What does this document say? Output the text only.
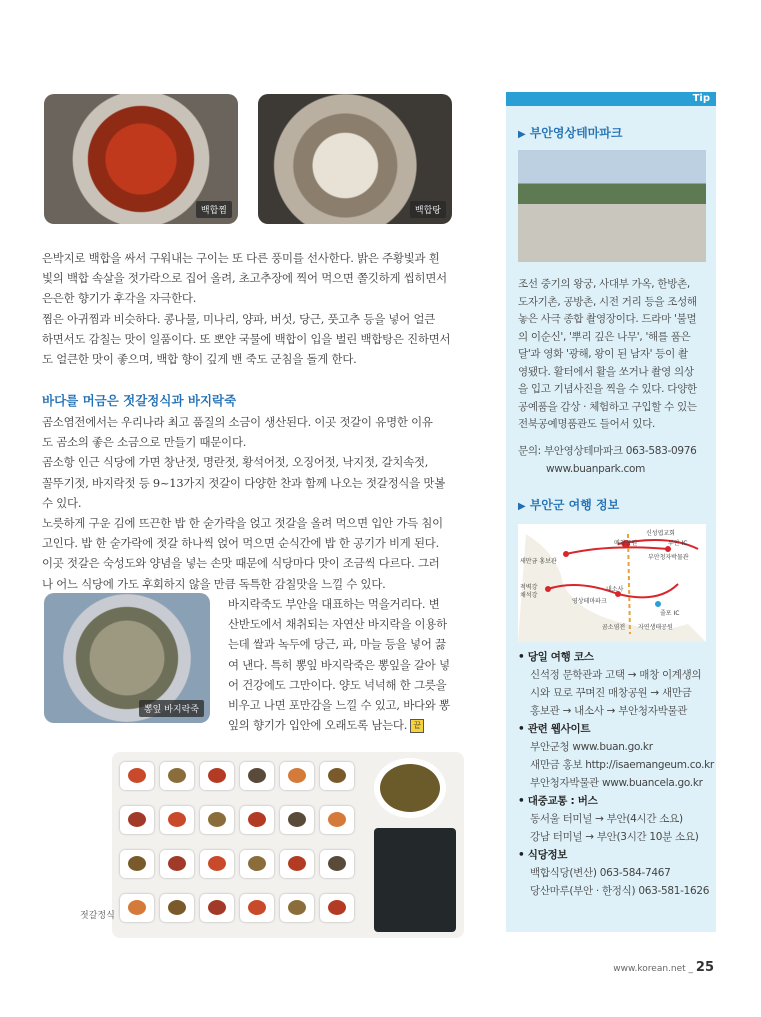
백합찜	백합탕

은박지로 백합을 싸서 구워내는 구이는 또 다른 풍미를 선사한다. 밝은 주황빛과 흰

빛의 백합 속살을 젓가락으로 집어 올려, 초고추장에 찍어 먹으면 쫄깃하게 씹히면서

은은한 향기가 후각을 자극한다.

찜은 아귀찜과 비슷하다. 콩나물, 미나리, 양파, 버섯, 당근, 풋고추 등을 넣어 얼큰

하면서도 감칠는 맛이 일품이다. 또 뽀얀 국물에 백합이 입을 벌린 백합탕은 진하면서

도 얼큰한 맛이 좋으며, 백합 향이 깊게 밴 죽도 군침을 돌게 한다.

바다를 머금은 젓갈정식과 바지락죽

곰소염전에서는 우리나라 최고 품질의 소금이 생산된다. 이곳 젓갈이 유명한 이유

도 곰소의 좋은 소금으로 만들기 때문이다.

곰소항 인근 식당에 가면 창난젓, 명란젓, 황석어젓, 오징어젓, 낙지젓, 갈치속젓,

꼴뚜기젓, 바지락젓 등 9~13가지 젓갈이 다양한 찬과 함께 나오는 젓갈정식을 맛볼

수 있다.

노릇하게 구운 김에 뜨끈한 밥 한 숟가락을 얹고 젓갈을 올려 먹으면 입안 가득 침이

고인다. 밥 한 숟가락에 젓갈 하나씩 얹어 먹으면 순식간에 밥 한 공기가 비게 된다.

이곳 젓갈은 숙성도와 양념을 넣는 손맛 때문에 식당마다 맛이 조금씩 다르다. 그러

나 어느 식당에 가도 후회하지 않을 만큼 독특한 감칠맛을 느낄 수 있다.

뽕잎 바지락죽

바지락죽도 부안을 대표하는 먹을거리다. 변

산반도에서 채취되는 자연산 바지락을 이용하

는데 쌀과 녹두에 당근, 파, 마늘 등을 넣어 끓

여 낸다. 특히 뽕잎 바지락죽은 뽕잎을 갈아 넣

어 건강에도 그만이다. 양도 넉넉해 한 그릇을

비우고 나면 포만감을 느낄 수 있고, 바다와 뽕

잎의 향기가 입안에 오래도록 남는다. 끝

젓갈정식
Tip
▶ 부안영상테마파크

조선 중기의 왕궁, 사대부 가옥, 한방촌,

도자기촌, 공방촌, 시전 거리 등을 조성해

놓은 사극 종합 촬영장이다. 드라마 '불멸

의 이순신', '뿌리 깊은 나무', '해를 품은

달'과 영화 '광해, 왕이 된 남자' 등이 촬

영됐다. 활터에서 활을 쏘거나 촬영 의상

을 입고 기념사진을 찍을 수 있다. 다양한

공예품을 감상 · 체험하고 구입할 수 있는

전북공예명품관도 들어서 있다.

문의: 부안영상테마파크 063-583-0976
www.buanpark.com
▶ 부안군 여행 정보
신성엽교회
매창공원	부안 IC
부안청자박물관
새만금 홍보관
채석강
적벽강
영상테마파크
내소사
줄포 IC
곰소염전 자연생태공원
• 당일 여행 코스
신석정 문학관과 고택 → 매창 이계생의
시와 묘로 꾸며진 매창공원 → 새만금
홍보관 → 내소사 → 부안청자박물관
• 관련 웹사이트
부안군청 www.buan.go.kr
새만금 홍보 http://isaemangeum.co.kr
부안청자박물관 www.buancela.go.kr
• 대중교통 : 버스
동서울 터미널 → 부안(4시간 소요)
강남 터미널 → 부안(3시간 10분 소요)
• 식당정보
백합식당(변산) 063-584-7467
당산마루(부안 · 한정식) 063-581-1626
www.korean.net _ 25
